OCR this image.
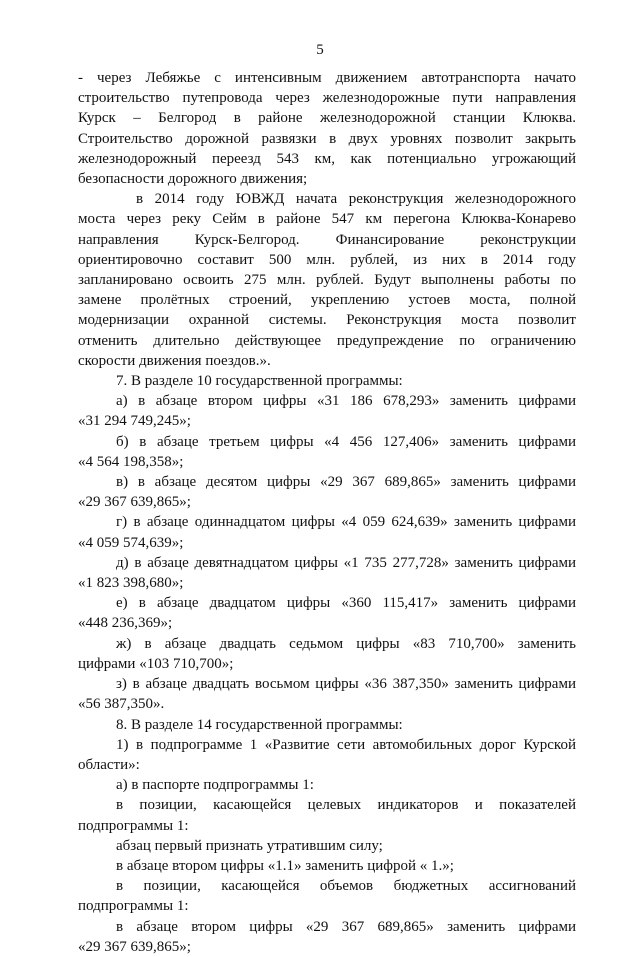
5

- через Лебяжье с интенсивным движением автотранспорта начато

строительство путепровода через железнодорожные пути направления

Курск – Белгород в районе железнодорожной станции Клюква.

Строительство дорожной развязки в двух уровнях позволит закрыть

железнодорожный переезд 543 км, как потенциально угрожающий

безопасности дорожного движения;

в 2014 году ЮВЖД начата реконструкция железнодорожного

моста через реку Сейм в районе 547 км перегона Клюква-Конарево

направления Курск-Белгород. Финансирование реконструкции

ориентировочно составит 500 млн. рублей, из них в 2014 году

запланировано освоить 275 млн. рублей. Будут выполнены работы по

замене пролётных строений, укреплению устоев моста, полной

модернизации охранной системы. Реконструкция моста позволит

отменить длительно действующее предупреждение по ограничению

скорости движения поездов.».

7. В разделе 10 государственной программы:

а) в абзаце втором цифры «31 186 678,293» заменить цифрами

«31 294 749,245»;

б) в абзаце третьем цифры «4 456 127,406» заменить цифрами

«4 564 198,358»;

в) в абзаце десятом цифры «29 367 689,865» заменить цифрами

«29 367 639,865»;

г) в абзаце одиннадцатом цифры «4 059 624,639» заменить цифрами

«4 059 574,639»;

д) в абзаце девятнадцатом цифры «1 735 277,728» заменить цифрами

«1 823 398,680»;

е) в абзаце двадцатом цифры «360 115,417» заменить цифрами

«448 236,369»;

ж) в абзаце двадцать седьмом цифры «83 710,700» заменить

цифрами «103 710,700»;

з) в абзаце двадцать восьмом цифры «36 387,350» заменить цифрами

«56 387,350».

8. В разделе 14 государственной программы:

1) в подпрограмме 1 «Развитие сети автомобильных дорог Курской

области»:

а) в паспорте подпрограммы 1:

в позиции, касающейся целевых индикаторов и показателей

подпрограммы 1:

абзац первый признать утратившим силу;

в абзаце втором цифры «1.1» заменить цифрой « 1.»;

в позиции, касающейся объемов бюджетных ассигнований

подпрограммы 1:

в абзаце втором цифры «29 367 689,865» заменить цифрами

«29 367 639,865»;
